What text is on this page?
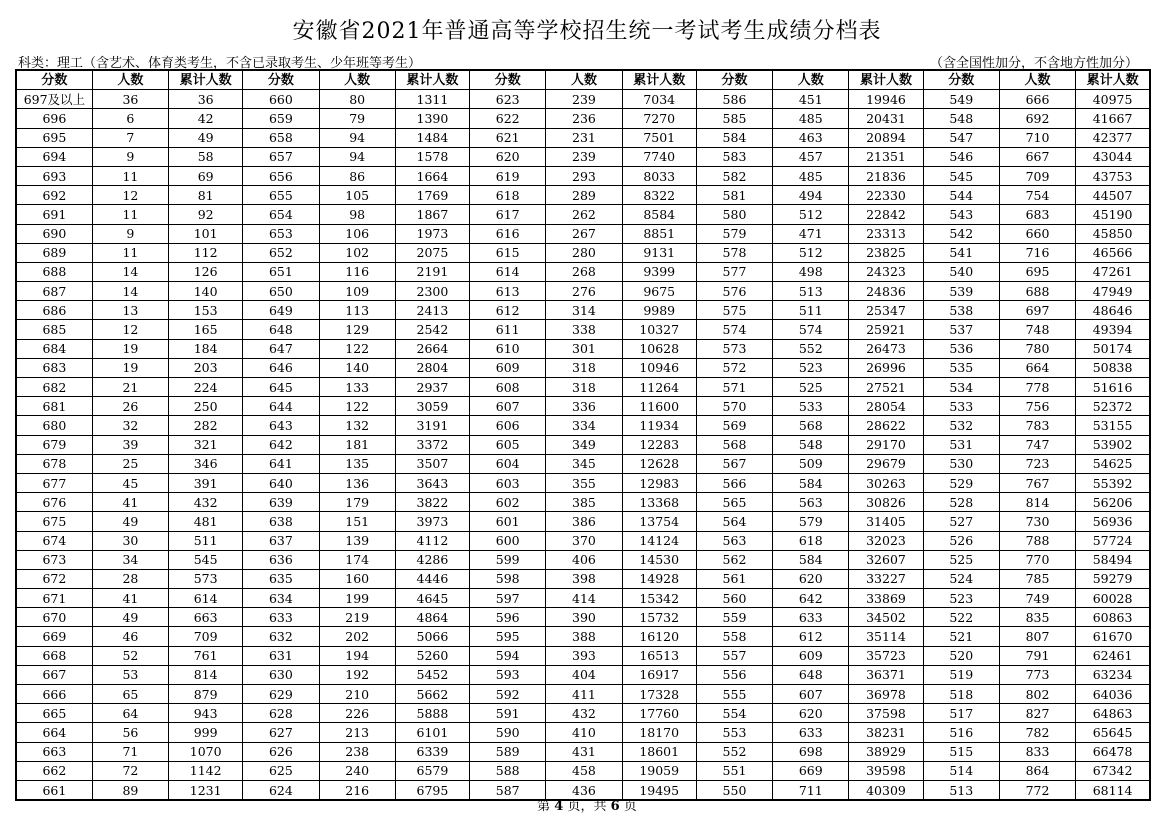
安徽省2021年普通高等学校招生统一考试考生成绩分档表
科类：理工（含艺术、体育类考生，不含已录取考生、少年班等考生）	（含全国性加分，不含地方性加分）
分数	人数	累计人数	分数	人数	累计人数	分数	人数	累计人数	分数	人数	累计人数	分数	人数	累计人数
697及以上	36	36	660	80	1311	623	239	7034	586	451	19946	549	666	40975
696	6	42	659	79	1390	622	236	7270	585	485	20431	548	692	41667
695	7	49	658	94	1484	621	231	7501	584	463	20894	547	710	42377
694	9	58	657	94	1578	620	239	7740	583	457	21351	546	667	43044
693	11	69	656	86	1664	619	293	8033	582	485	21836	545	709	43753
692	12	81	655	105	1769	618	289	8322	581	494	22330	544	754	44507
691	11	92	654	98	1867	617	262	8584	580	512	22842	543	683	45190
690	9	101	653	106	1973	616	267	8851	579	471	23313	542	660	45850
689	11	112	652	102	2075	615	280	9131	578	512	23825	541	716	46566
688	14	126	651	116	2191	614	268	9399	577	498	24323	540	695	47261
687	14	140	650	109	2300	613	276	9675	576	513	24836	539	688	47949
686	13	153	649	113	2413	612	314	9989	575	511	25347	538	697	48646
685	12	165	648	129	2542	611	338	10327	574	574	25921	537	748	49394
684	19	184	647	122	2664	610	301	10628	573	552	26473	536	780	50174
683	19	203	646	140	2804	609	318	10946	572	523	26996	535	664	50838
682	21	224	645	133	2937	608	318	11264	571	525	27521	534	778	51616
681	26	250	644	122	3059	607	336	11600	570	533	28054	533	756	52372
680	32	282	643	132	3191	606	334	11934	569	568	28622	532	783	53155
679	39	321	642	181	3372	605	349	12283	568	548	29170	531	747	53902
678	25	346	641	135	3507	604	345	12628	567	509	29679	530	723	54625
677	45	391	640	136	3643	603	355	12983	566	584	30263	529	767	55392
676	41	432	639	179	3822	602	385	13368	565	563	30826	528	814	56206
675	49	481	638	151	3973	601	386	13754	564	579	31405	527	730	56936
674	30	511	637	139	4112	600	370	14124	563	618	32023	526	788	57724
673	34	545	636	174	4286	599	406	14530	562	584	32607	525	770	58494
672	28	573	635	160	4446	598	398	14928	561	620	33227	524	785	59279
671	41	614	634	199	4645	597	414	15342	560	642	33869	523	749	60028
670	49	663	633	219	4864	596	390	15732	559	633	34502	522	835	60863
669	46	709	632	202	5066	595	388	16120	558	612	35114	521	807	61670
668	52	761	631	194	5260	594	393	16513	557	609	35723	520	791	62461
667	53	814	630	192	5452	593	404	16917	556	648	36371	519	773	63234
666	65	879	629	210	5662	592	411	17328	555	607	36978	518	802	64036
665	64	943	628	226	5888	591	432	17760	554	620	37598	517	827	64863
664	56	999	627	213	6101	590	410	18170	553	633	38231	516	782	65645
663	71	1070	626	238	6339	589	431	18601	552	698	38929	515	833	66478
662	72	1142	625	240	6579	588	458	19059	551	669	39598	514	864	67342
661	89	1231	624	216	6795	587	436	19495	550	711	40309	513	772	68114
第 4 页，共 6 页
